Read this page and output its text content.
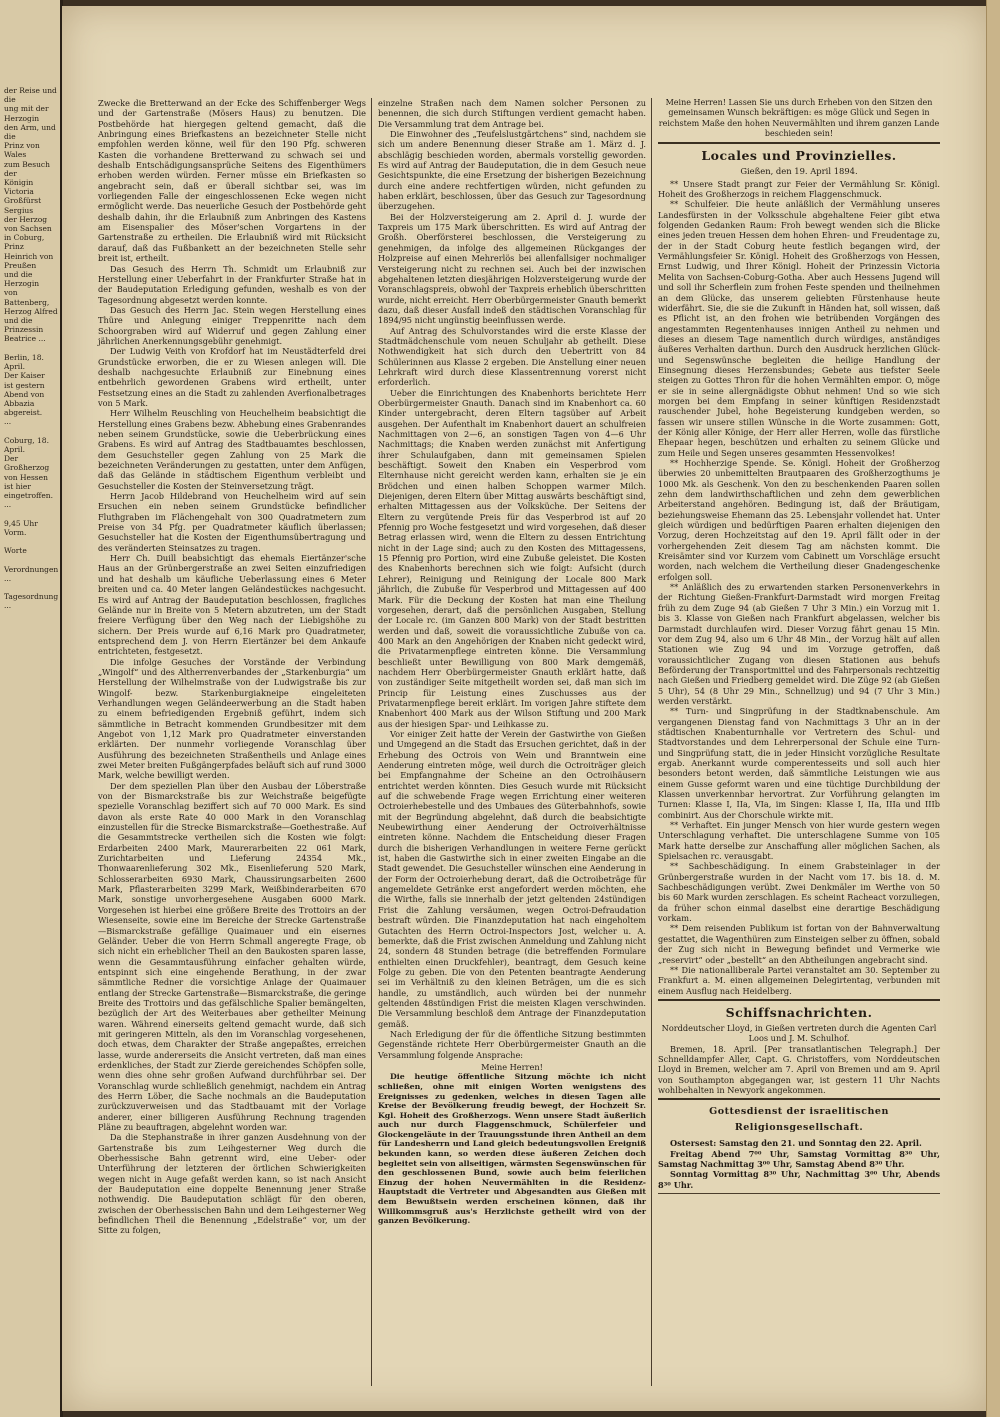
der Reise und die
ung mit der Herzogin
den Arm, und die
Prinz von Wales
zum Besuch der
Königin Victoria
Großfürst Sergius
der Herzog von Sachsen
in Coburg, Prinz
Heinrich von Preußen
und die Herzogin
von Battenberg,
Herzog Alfred
und die Prinzessin
Beatrice ...

Berlin, 18. April.
Der Kaiser
ist gestern
Abend von
Abbazia
abgereist.
...

Coburg, 18. April.
Der Großherzog
von Hessen
ist hier
eingetroffen.
...

9,45 Uhr Vorm.

Worte

Verordnungen
...

Tagesordnung
...

Zwecke die Bretterwand an der Ecke des Schiffenberger Wegs und der Gartenstraße (Mösers Haus) zu benutzen. Die Postbehörde hat hiergegen geltend gemacht, daß die Anbringung eines Briefkastens an bezeichneter Stelle nicht empfohlen werden könne, weil für den 190 Pfg. schweren Kasten die vorhandene Bretterwand zu schwach sei und deshalb Entschädigungsansprüche Seitens des Eigenthümers erhoben werden würden. Ferner müsse ein Briefkasten so angebracht sein, daß er überall sichtbar sei, was im vorliegenden Falle der eingeschlossenen Ecke wegen nicht ermöglicht werde. Das neuerliche Gesuch der Postbehörde geht deshalb dahin, ihr die Erlaubniß zum Anbringen des Kastens am Eisenspalier des Möser'schen Vorgartens in der Gartenstraße zu ertheilen. Die Erlaubniß wird mit Rücksicht darauf, daß das Fußbankett an der bezeichneten Stelle sehr breit ist, ertheilt.

Das Gesuch des Herrn Th. Schmidt um Erlaubniß zur Herstellung einer Ueberfahrt in der Frankfurter Straße hat in der Baudeputation Erledigung gefunden, weshalb es von der Tagesordnung abgesetzt werden konnte.

Das Gesuch des Herrn Jac. Stein wegen Herstellung eines Thüre und Anlegung einiger Treppenritte nach dem Schoorgraben wird auf Widerruf und gegen Zahlung einer jährlichen Anerkennungsgebühr genehmigt.

Der Ludwig Veith von Krofdorf hat im Neustädterfeld drei Grundstücke erworben, die er zu Wiesen anlegen will. Die deshalb nachgesuchte Erlaubniß zur Einebnung eines entbehrlich gewordenen Grabens wird ertheilt, unter Festsetzung eines an die Stadt zu zahlenden Averfionalbetrages von 5 Mark.

Herr Wilhelm Reuschling von Heuchelheim beabsichtigt die Herstellung eines Grabens bezw. Abhebung eines Grabenrandes neben seinem Grundstücke, sowie die Ueberbrückung eines Grabens. Es wird auf Antrag des Stadtbauamtes beschlossen, dem Gesuchsteller gegen Zahlung von 25 Mark die bezeichneten Veränderungen zu gestatten, unter dem Anfügen, daß das Gelände in städtischem Eigenthum verbleibt und Gesuchsteller die Kosten der Steinversetzung trägt.

Herrn Jacob Hildebrand von Heuchelheim wird auf sein Ersuchen ein neben seinem Grundstücke befindlicher Fluthgraben im Flächengehalt von 300 Quadratmetern zum Preise von 34 Pfg. per Quadratmeter käuflich überlassen; Gesuchsteller hat die Kosten der Eigenthumsübertragung und des veränderten Steinsatzes zu tragen.

Herr Ch. Duill beabsichtigt das ehemals Eiertänzer'sche Haus an der Grünbergerstraße an zwei Seiten einzufriedigen und hat deshalb um käufliche Ueberlassung eines 6 Meter breiten und ca. 40 Meter langen Geländestückes nachgesucht. Es wird auf Antrag der Baudeputation beschlossen, fragliches Gelände nur in Breite von 5 Metern abzutreten, um der Stadt freiere Verfügung über den Weg nach der Liebigshöhe zu sichern. Der Preis wurde auf 6,16 Mark pro Quadratmeter, entsprechend dem J. von Herrn Eiertänzer bei dem Ankaufe entrichteten, festgesetzt.

Die infolge Gesuches der Vorstände der Verbindung „Wingolf“ und des Altherrenverbandes der „Starkenburgia“ um Herstellung der Wilhelmstraße von der Ludwigstraße bis zur Wingolf- bezw. Starkenburgiakneipe eingeleiteten Verhandlungen wegen Geländeerwerbung an die Stadt haben zu einem befriedigenden Ergebniß geführt, indem sich sämmtliche in Betracht kommenden Grundbesitzer mit dem Angebot von 1,12 Mark pro Quadratmeter einverstanden erklärten. Der nunmehr vorliegende Voranschlag über Ausführung des bezeichneten Straßentheils und Anlage eines zwei Meter breiten Fußgängerpfades beläuft sich auf rund 3000 Mark, welche bewilligt werden.

Der dem speziellen Plan über den Ausbau der Löberstraße von der Bismarckstraße bis zur Weichstraße beigefügte spezielle Voranschlag beziffert sich auf 70 000 Mark. Es sind davon als erste Rate 40 000 Mark in den Voranschlag einzustellen für die Strecke Bismarckstraße—Goethestraße. Auf die Gesammtstrecke vertheilen sich die Kosten wie folgt: Erdarbeiten 2400 Mark, Maurerarbeiten 22 061 Mark, Zurichtarbeiten und Lieferung 24354 Mk., Thonwaarenlieferung 302 Mk., Eisenlieferung 520 Mark, Schlosserarbeiten 6930 Mark, Chaussirungsarbeiten 2600 Mark, Pflasterarbeiten 3299 Mark, Weißbinderarbeiten 670 Mark, sonstige unvorhergesehene Ausgaben 6000 Mark. Vorgesehen ist hierbei eine größere Breite des Trottoirs an der Wiesenseite, sowie eine im Bereiche der Strecke Gartenstraße—Bismarckstraße gefällige Quaimauer und ein eisernes Geländer. Ueber die von Herrn Schmall angeregte Frage, ob sich nicht ein erheblicher Theil an den Baukosten sparen lasse, wenn die Gesammtausführung einfacher gehalten würde, entspinnt sich eine eingehende Berathung, in der zwar sämmtliche Redner die vorsichtige Anlage der Quaimauer entlang der Strecke Gartenstraße—Bismarckstraße, die geringe Breite des Trottoirs und das gefälschliche Spalier bemängelten, bezüglich der Art des Weiterbaues aber getheilter Meinung waren. Während einerseits geltend gemacht wurde, daß sich mit geringeren Mitteln, als den im Voranschlag vorgesehenen, doch etwas, dem Charakter der Straße angepaßtes, erreichen lasse, wurde andererseits die Ansicht vertreten, daß man eines erdenkliches, der Stadt zur Zierde gereichendes Schöpfen solle, wenn dies ohne sehr großen Aufwand durchführbar sei. Der Voranschlag wurde schließlich genehmigt, nachdem ein Antrag des Herrn Löber, die Sache nochmals an die Baudeputation zurückzuverweisen und das Stadtbauamt mit der Vorlage anderer, einer billigeren Ausführung Rechnung tragenden Pläne zu beauftragen, abgelehnt worden war.

Da die Stephanstraße in ihrer ganzen Ausdehnung von der Gartenstraße bis zum Leihgesterner Weg durch die Oberhessische Bahn getrennt wird, eine Ueber- oder Unterführung der letzteren der örtlichen Schwierigkeiten wegen nicht in Auge gefaßt werden kann, so ist nach Ansicht der Baudeputation eine doppelte Benennung jener Straße nothwendig. Die Baudeputation schlägt für den oberen, zwischen der Oberhessischen Bahn und dem Leihgesterner Weg befindlichen Theil die Benennung „Edelstraße“ vor, um der Sitte zu folgen,

einzelne Straßen nach dem Namen solcher Personen zu benennen, die sich durch Stiftungen verdient gemacht haben. Die Versammlung trat dem Antrage bei.

Die Einwohner des „Teufelslustgärtchens“ sind, nachdem sie sich um andere Benennung dieser Straße am 1. März d. J. abschlägig beschieden worden, abermals vorstellig geworden. Es wird auf Antrag der Baudeputation, die in dem Gesuch neue Gesichtspunkte, die eine Ersetzung der bisherigen Bezeichnung durch eine andere rechtfertigen würden, nicht gefunden zu haben erklärt, beschlossen, über das Gesuch zur Tagesordnung überzugehen.

Bei der Holzversteigerung am 2. April d. J. wurde der Taxpreis um 175 Mark überschritten. Es wird auf Antrag der Großh. Oberförsterei beschlossen, die Versteigerung zu genehmigen, da infolge des allgemeinen Rückganges der Holzpreise auf einen Mehrerlös bei allenfallsiger nochmaliger Versteigerung nicht zu rechnen sei. Auch bei der inzwischen abgehaltenen letzten diesjährigen Holzversteigerung wurde der Voranschlagspreis, obwohl der Taxpreis erheblich überschritten wurde, nicht erreicht. Herr Oberbürgermeister Gnauth bemerkt dazu, daß dieser Ausfall indeß den städtischen Voranschlag für 1894/95 nicht ungünstig beeinflussen werde.

Auf Antrag des Schulvorstandes wird die erste Klasse der Stadtmädchenschule vom neuen Schuljahr ab getheilt. Diese Nothwendigkeit hat sich durch den Uebertritt von 84 Schülerinnen aus Klasse 2 ergeben. Die Anstellung einer neuen Lehrkraft wird durch diese Klassentrennung vorerst nicht erforderlich.

Ueber die Einrichtungen des Knabenhorts berichtete Herr Oberbürgermeister Gnauth. Danach sind im Knabenhort ca. 60 Kinder untergebracht, deren Eltern tagsüber auf Arbeit ausgehen. Der Aufenthalt im Knabenhort dauert an schulfreien Nachmittagen von 2—6, an sonstigen Tagen von 4—6 Uhr Nachmittags; die Knaben werden zunächst mit Anfertigung ihrer Schulaufgaben, dann mit gemeinsamen Spielen beschäftigt. Soweit den Knaben ein Vesperbrod vom Elternhause nicht gereicht werden kann, erhalten sie je ein Brödchen und einen halben Schoppen warmer Milch. Diejenigen, deren Eltern über Mittag auswärts beschäftigt sind, erhalten Mittagessen aus der Volksküche. Der Seitens der Eltern zu vergütende Preis für das Vesperbrod ist auf 20 Pfennig pro Woche festgesetzt und wird vorgesehen, daß dieser Betrag erlassen wird, wenn die Eltern zu dessen Entrichtung nicht in der Lage sind; auch zu den Kosten des Mittagessens, 15 Pfennig pro Portion, wird eine Zubuße geleistet. Die Kosten des Knabenhorts berechnen sich wie folgt: Aufsicht (durch Lehrer), Reinigung und Reinigung der Locale 800 Mark jährlich, die Zubuße für Vesperbrod und Mittagessen auf 400 Mark. Für die Deckung der Kosten hat man eine Theilung vorgesehen, derart, daß die persönlichen Ausgaben, Stellung der Locale rc. (im Ganzen 800 Mark) von der Stadt bestritten werden und daß, soweit die voraussichtliche Zubuße von ca. 400 Mark an den Angehörigen der Knaben nicht gedeckt wird, die Privatarmenpflege eintreten könne. Die Versammlung beschließt unter Bewilligung von 800 Mark demgemäß, nachdem Herr Oberbürgermeister Gnauth erklärt hatte, daß von zuständiger Seite mitgetheilt worden sei, daß man sich im Princip für Leistung eines Zuschusses aus der Privatarmenpflege bereit erklärt. Im vorigen Jahre stiftete dem Knabenhort 400 Mark aus der Wilson Stiftung und 200 Mark aus der hiesigen Spar- und Leihkasse zu.

Vor einiger Zeit hatte der Verein der Gastwirthe von Gießen und Umgegend an die Stadt das Ersuchen gerichtet, daß in der Erhebung des Octrois von Wein und Branntwein eine Aenderung eintreten möge, weil durch die Octroiträger gleich bei Empfangnahme der Scheine an den Octroihäusern entrichtet werden könnten. Dies Gesuch wurde mit Rücksicht auf die schwebende Frage wegen Errichtung einer weiteren Octroierhebestelle und des Umbaues des Güterbahnhofs, sowie mit der Begründung abgelehnt, daß durch die beabsichtigte Neubewirthung einer Aenderung der Octroiverhältnisse eintreten könne. Nachdem die Entscheidung dieser Fragen durch die bisherigen Verhandlungen in weitere Ferne gerückt ist, haben die Gastwirthe sich in einer zweiten Eingabe an die Stadt gewendet. Die Gesuchsteller wünschen eine Aenderung in der Form der Octroierhebung derart, daß die Octroibeträge für angemeldete Getränke erst angefordert werden möchten, ehe die Wirthe, falls sie innerhalb der jetzt geltenden 24stündigen Frist die Zahlung versäumen, wegen Octroi-Defraudation bestraft würden. Die Finanzdeputation hat nach eingeholtem Gutachten des Herrn Octroi-Inspectors Jost, welcher u. A. bemerkte, daß die Frist zwischen Anmeldung und Zahlung nicht 24, sondern 48 Stunden betrage (die betreffenden Formulare enthielten einen Druckfehler), beantragt, dem Gesuch keine Folge zu geben. Die von den Petenten beantragte Aenderung sei im Verhältniß zu den kleinen Beträgen, um die es sich handle, zu umständlich, auch würden bei der nunmehr geltenden 48stündigen Frist die meisten Klagen verschwinden. Die Versammlung beschloß dem Antrage der Finanzdeputation gemäß.

Nach Erledigung der für die öffentliche Sitzung bestimmten Gegenstände richtete Herr Oberbürgermeister Gnauth an die Versammlung folgende Ansprache:

Meine Herren!

Die heutige öffentliche Sitzung möchte ich nicht schließen, ohne mit einigen Worten wenigstens des Ereignisses zu gedenken, welches in diesen Tagen alle Kreise der Bevölkerung freudig bewegt, der Hochzeit Sr. Kgl. Hoheit des Großherzogs. Wenn unsere Stadt äußerlich auch nur durch Flaggenschmuck, Schülerfeier und Glockengeläute in der Trauungsstunde ihren Antheil an dem für Landesherrn und Land gleich bedeutungsvollen Ereigniß bekunden kann, so werden diese äußeren Zeichen doch begleitet sein von allseitigen, wärmsten Segenswünschen für den geschlossenen Bund, sowie auch beim feierlichen Einzug der hohen Neuvermählten in die Residenz-Hauptstadt die Vertreter und Abgesandten aus Gießen mit dem Bewußtsein werden erscheinen können, daß ihr Willkommsgruß aus's Herzlichste getheilt wird von der ganzen Bevölkerung.

Meine Herren! Lassen Sie uns durch Erheben von den Sitzen den gemeinsamen Wunsch bekräftigen: es möge Glück und Segen in reichstem Maße den hohen Neuvermählten und ihrem ganzen Lande beschieden sein!

Locales und Provinzielles.
Gießen, den 19. April 1894.

** Unsere Stadt prangt zur Feier der Vermählung Sr. Königl. Hoheit des Großherzogs in reichem Flaggenschmuck.

** Schulfeier. Die heute anläßlich der Vermählung unseres Landesfürsten in der Volksschule abgehaltene Feier gibt etwa folgenden Gedanken Raum: Froh bewegt wenden sich die Blicke eines jeden treuen Hessen dem hohen Ehren- und Freudentage zu, der in der Stadt Coburg heute festlich begangen wird, der Vermählungsfeier Sr. Königl. Hoheit des Großherzogs von Hessen, Ernst Ludwig, und Ihrer Königl. Hoheit der Prinzessin Victoria Melita von Sachsen-Coburg-Gotha. Aber auch Hessens Jugend will und soll ihr Scherflein zum frohen Feste spenden und theilnehmen an dem Glücke, das unserem geliebten Fürstenhause heute widerfährt. Sie, die sie die Zukunft in Händen hat, soll wissen, daß es Pflicht ist, an den frohen wie betrübenden Vorgängen des angestammten Regentenhauses innigen Antheil zu nehmen und dieses an diesem Tage namentlich durch würdiges, anständiges äußeres Verhalten darthun. Durch den Ausdruck herzlichen Glück- und Segenswünsche begleiten die heilige Handlung der Einsegnung dieses Herzensbundes; Gebete aus tiefster Seele steigen zu Gottes Thron für die hohen Vermählten empor. O, möge er sie in seine allergnädigste Obhut nehmen! Und so wie sich morgen bei dem Empfang in seiner künftigen Residenzstadt rauschender Jubel, hohe Begeisterung kundgeben werden, so fassen wir unsere stillen Wünsche in die Worte zusammen: Gott, der König aller Könige, der Herr aller Herren, wolle das fürstliche Ehepaar hegen, beschützen und erhalten zu seinem Glücke und zum Heile und Segen unseres gesammten Hessenvolkes!

** Hochherzige Spende. Se. Königl. Hoheit der Großherzog überwies 20 unbemittelten Brautpaaren des Großherzogthums je 1000 Mk. als Geschenk. Von den zu beschenkenden Paaren sollen zehn dem landwirthschaftlichen und zehn dem gewerblichen Arbeiterstand angehören. Bedingung ist, daß der Bräutigam, beziehungsweise Ehemann das 25. Lebensjahr vollendet hat. Unter gleich würdigen und bedürftigen Paaren erhalten diejenigen den Vorzug, deren Hochzeitstag auf den 19. April fällt oder in der vorhergehenden Zeit diesem Tag am nächsten kommt. Die Kreisämter sind vor Kurzem vom Cabinett um Vorschläge ersucht worden, nach welchem die Vertheilung dieser Gnadengeschenke erfolgen soll.

** Anläßlich des zu erwartenden starken Personenverkehrs in der Richtung Gießen-Frankfurt-Darmstadt wird morgen Freitag früh zu dem Zuge 94 (ab Gießen 7 Uhr 3 Min.) ein Vorzug mit 1. bis 3. Klasse von Gießen nach Frankfurt abgelassen, welcher bis Darmstadt durchlaufen wird. Dieser Vorzug fährt genau 15 Min. vor dem Zug 94, also um 6 Uhr 48 Min., der Vorzug hält auf allen Stationen wie Zug 94 und im Vorzuge getroffen, daß voraussichtlicher Zugang von diesen Stationen aus behufs Beförderung der Transportmittel und des Fahrpersonals rechtzeitig nach Gießen und Friedberg gemeldet wird. Die Züge 92 (ab Gießen 5 Uhr), 54 (8 Uhr 29 Min., Schnellzug) und 94 (7 Uhr 3 Min.) werden verstärkt.

** Turn- und Singprüfung in der Stadtknabenschule. Am vergangenen Dienstag fand von Nachmittags 3 Uhr an in der städtischen Knabenturnhalle vor Vertretern des Schul- und Stadtvorstandes und dem Lehrerpersonal der Schule eine Turn- und Singprüfung statt, die in jeder Hinsicht vorzügliche Resultate ergab. Anerkannt wurde comperentesseits und soll auch hier besonders betont werden, daß sämmtliche Leistungen wie aus einem Gusse geformt waren und eine tüchtige Durchbildung der Klassen unverkennbar hervortrat. Zur Vorführung gelangten im Turnen: Klasse I, IIa, VIa, im Singen: Klasse I, IIa, IIIa und IIIb combinirt. Aus der Chorschule wirkte mit.

** Verhaftet. Ein junger Mensch von hier wurde gestern wegen Unterschlagung verhaftet. Die unterschlagene Summe von 105 Mark hatte derselbe zur Anschaffung aller möglichen Sachen, als Spielsachen rc. verausgabt.

** Sachbeschädigung. In einem Grabsteinlager in der Grünbergerstraße wurden in der Nacht vom 17. bis 18. d. M. Sachbeschädigungen verübt. Zwei Denkmäler im Werthe von 50 bis 60 Mark wurden zerschlagen. Es scheint Racheact vorzuliegen, da früher schon einmal daselbst eine derartige Beschädigung vorkam.

** Dem reisenden Publikum ist fortan von der Bahnverwaltung gestattet, die Wagenthüren zum Einsteigen selber zu öffnen, sobald der Zug sich nicht in Bewegung befindet und Vermerke wie „reservirt“ oder „bestellt“ an den Abtheilungen angebracht sind.

** Die nationalliberale Partei veranstaltet am 30. September zu Frankfurt a. M. einen allgemeinen Delegirtentag, verbunden mit einem Ausflug nach Heidelberg.

Schiffsnachrichten.

Norddeutscher Lloyd, in Gießen vertreten durch die Agenten Carl Loos und J. M. Schulhof.

Bremen, 18. April. [Per transatlantischen Telegraph.] Der Schnelldampfer Aller, Capt. G. Christoffers, vom Norddeutschen Lloyd in Bremen, welcher am 7. April von Bremen und am 9. April von Southampton abgegangen war, ist gestern 11 Uhr Nachts wohlbehalten in Newyork angekommen.

Gottesdienst der israelitischen Religionsgesellschaft.

Ostersest: Samstag den 21. und Sonntag den 22. April.

Freitag Abend 7⁰⁰ Uhr, Samstag Vormittag 8³⁰ Uhr, Samstag Nachmittag 3⁰⁰ Uhr, Samstag Abend 8³⁰ Uhr.

Sonntag Vormittag 8³⁰ Uhr, Nachmittag 3⁰⁰ Uhr, Abends 8³⁰ Uhr.
